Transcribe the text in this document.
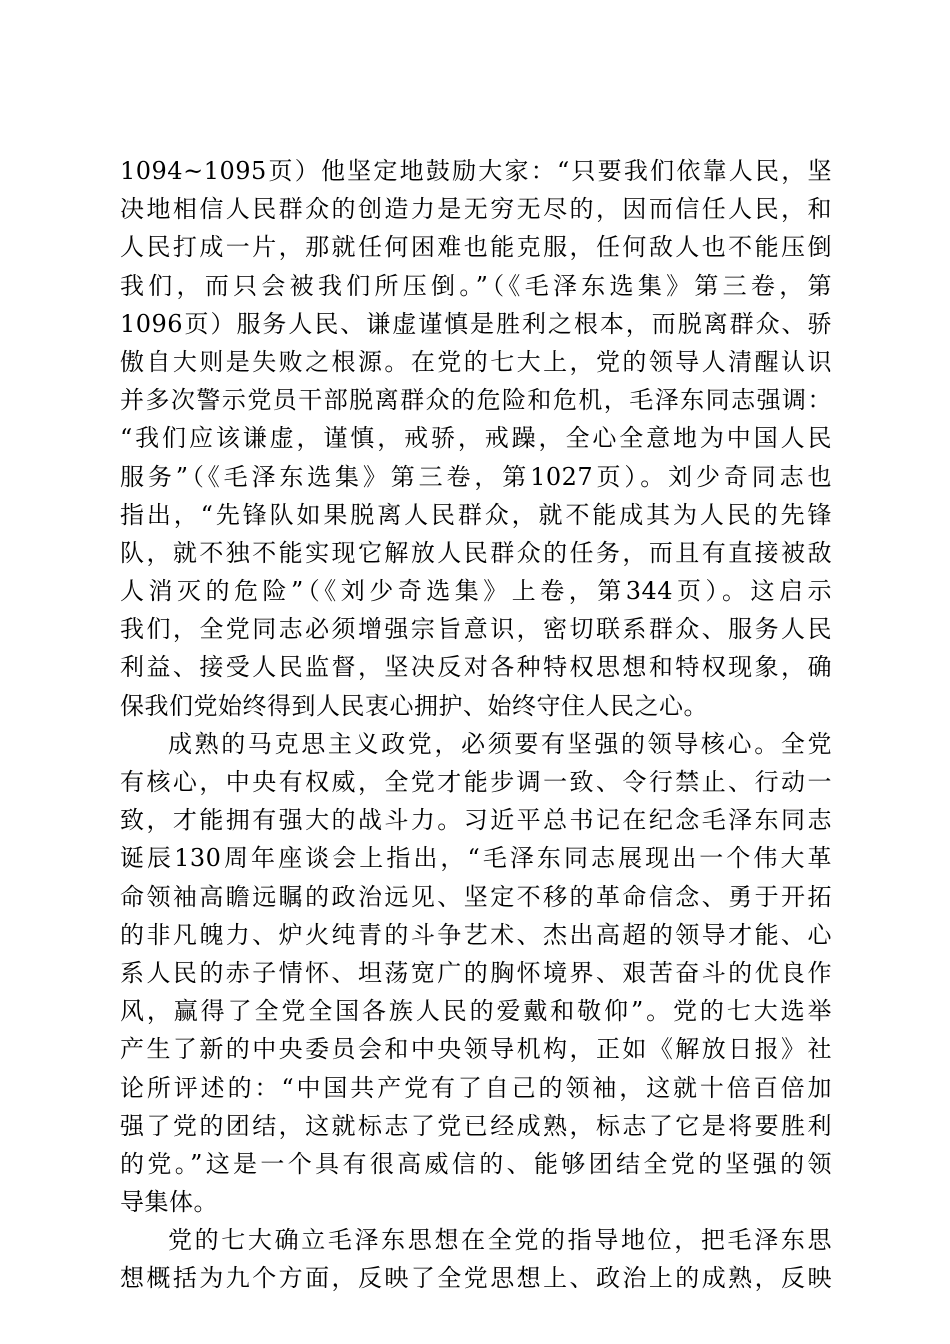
1094~1095页）他坚定地鼓励大家：“只要我们依靠人民，坚
决地相信人民群众的创造力是无穷无尽的，因而信任人民，和
人民打成一片，那就任何困难也能克服，任何敌人也不能压倒
我们，而只会被我们所压倒。”（《毛泽东选集》第三卷，第
1096页）服务人民、谦虚谨慎是胜利之根本，而脱离群众、骄
傲自大则是失败之根源。在党的七大上，党的领导人清醒认识
并多次警示党员干部脱离群众的危险和危机，毛泽东同志强调：
“我们应该谦虚，谨慎，戒骄，戒躁，全心全意地为中国人民
服务”（《毛泽东选集》第三卷，第1027页）。刘少奇同志也
指出，“先锋队如果脱离人民群众，就不能成其为人民的先锋
队，就不独不能实现它解放人民群众的任务，而且有直接被敌
人消灭的危险”（《刘少奇选集》上卷，第344页）。这启示
我们，全党同志必须增强宗旨意识，密切联系群众、服务人民
利益、接受人民监督，坚决反对各种特权思想和特权现象，确
保我们党始终得到人民衷心拥护、始终守住人民之心。
成熟的马克思主义政党，必须要有坚强的领导核心。全党
有核心，中央有权威，全党才能步调一致、令行禁止、行动一
致，才能拥有强大的战斗力。习近平总书记在纪念毛泽东同志
诞辰130周年座谈会上指出，“毛泽东同志展现出一个伟大革
命领袖高瞻远瞩的政治远见、坚定不移的革命信念、勇于开拓
的非凡魄力、炉火纯青的斗争艺术、杰出高超的领导才能、心
系人民的赤子情怀、坦荡宽广的胸怀境界、艰苦奋斗的优良作
风，赢得了全党全国各族人民的爱戴和敬仰”。党的七大选举
产生了新的中央委员会和中央领导机构，正如《解放日报》社
论所评述的：“中国共产党有了自己的领袖，这就十倍百倍加
强了党的团结，这就标志了党已经成熟，标志了它是将要胜利
的党。”这是一个具有很高威信的、能够团结全党的坚强的领
导集体。
党的七大确立毛泽东思想在全党的指导地位，把毛泽东思
想概括为九个方面，反映了全党思想上、政治上的成熟，反映
